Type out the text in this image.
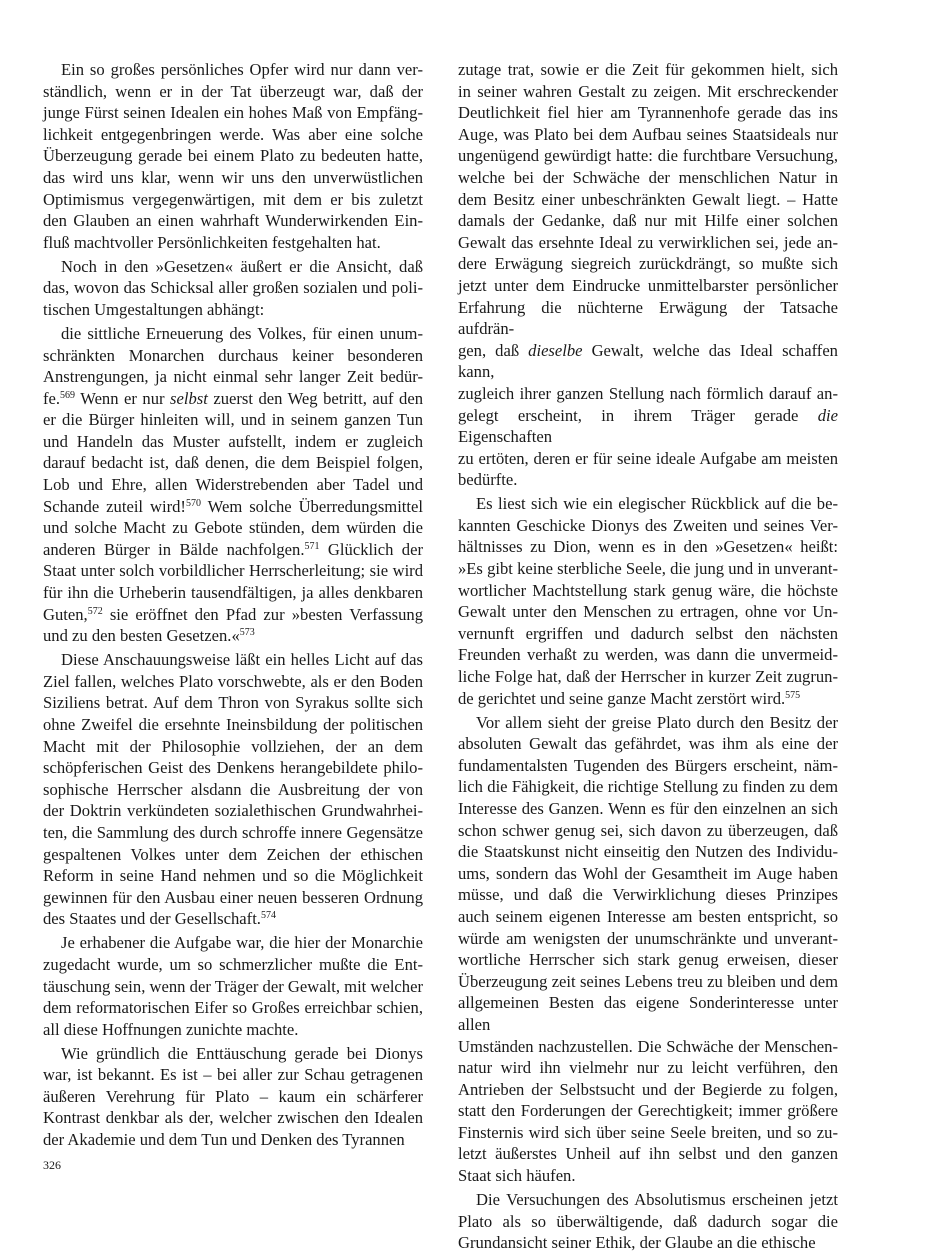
Ein so großes persönliches Opfer wird nur dann ver-
ständlich, wenn er in der Tat überzeugt war, daß der
junge Fürst seinen Idealen ein hohes Maß von Empfäng-
lichkeit entgegenbringen werde. Was aber eine solche
Überzeugung gerade bei einem Plato zu bedeuten hatte,
das wird uns klar, wenn wir uns den unverwüstlichen
Optimismus vergegenwärtigen, mit dem er bis zuletzt
den Glauben an einen wahrhaft Wunderwirkenden Ein-
fluß machtvoller Persönlichkeiten festgehalten hat.
Noch in den »Gesetzen« äußert er die Ansicht, daß
das, wovon das Schicksal aller großen sozialen und poli-
tischen Umgestaltungen abhängt:
die sittliche Erneuerung des Volkes, für einen unum-
schränkten Monarchen durchaus keiner besonderen
Anstrengungen, ja nicht einmal sehr langer Zeit bedür-
fe.$^{569}$ Wenn er nur selbst zuerst den Weg betritt, auf den
er die Bürger hinleiten will, und in seinem ganzen Tun
und Handeln das Muster aufstellt, indem er zugleich
darauf bedacht ist, daß denen, die dem Beispiel folgen,
Lob und Ehre, allen Widerstrebenden aber Tadel und
Schande zuteil wird!$^{570}$ Wem solche Überredungsmittel
und solche Macht zu Gebote stünden, dem würden die
anderen Bürger in Bälde nachfolgen.$^{571}$ Glücklich der
Staat unter solch vorbildlicher Herrscherleitung; sie wird
für ihn die Urheberin tausendfältigen, ja alles denkbaren
Guten,$^{572}$ sie eröffnet den Pfad zur »besten Verfassung
und zu den besten Gesetzen.«$^{573}$
Diese Anschauungsweise läßt ein helles Licht auf das
Ziel fallen, welches Plato vorschwebte, als er den Boden
Siziliens betrat. Auf dem Thron von Syrakus sollte sich
ohne Zweifel die ersehnte Ineinsbildung der politischen
Macht mit der Philosophie vollziehen, der an dem
schöpferischen Geist des Denkens herangebildete philo-
sophische Herrscher alsdann die Ausbreitung der von
der Doktrin verkündeten sozialethischen Grundwahrhei-
ten, die Sammlung des durch schroffe innere Gegensätze
gespaltenen Volkes unter dem Zeichen der ethischen
Reform in seine Hand nehmen und so die Möglichkeit
gewinnen für den Ausbau einer neuen besseren Ordnung
des Staates und der Gesellschaft.$^{574}$
Je erhabener die Aufgabe war, die hier der Monarchie
zugedacht wurde, um so schmerzlicher mußte die Ent-
täuschung sein, wenn der Träger der Gewalt, mit welcher
dem reformatorischen Eifer so Großes erreichbar schien,
all diese Hoffnungen zunichte machte.
Wie gründlich die Enttäuschung gerade bei Dionys
war, ist bekannt. Es ist – bei aller zur Schau getragenen
äußeren Verehrung für Plato – kaum ein schärferer
Kontrast denkbar als der, welcher zwischen den Idealen
der Akademie und dem Tun und Denken des Tyrannen
zutage trat, sowie er die Zeit für gekommen hielt, sich
in seiner wahren Gestalt zu zeigen. Mit erschreckender
Deutlichkeit fiel hier am Tyrannenhofe gerade das ins
Auge, was Plato bei dem Aufbau seines Staatsideals nur
ungenügend gewürdigt hatte: die furchtbare Versuchung,
welche bei der Schwäche der menschlichen Natur in
dem Besitz einer unbeschränkten Gewalt liegt. – Hatte
damals der Gedanke, daß nur mit Hilfe einer solchen
Gewalt das ersehnte Ideal zu verwirklichen sei, jede an-
dere Erwägung siegreich zurückdrängt, so mußte sich
jetzt unter dem Eindrucke unmittelbarster persönlicher
Erfahrung die nüchterne Erwägung der Tatsache aufdrän-
gen, daß dieselbe Gewalt, welche das Ideal schaffen kann,
zugleich ihrer ganzen Stellung nach förmlich darauf an-
gelegt erscheint, in ihrem Träger gerade die Eigenschaften
zu ertöten, deren er für seine ideale Aufgabe am meisten
bedürfte.
Es liest sich wie ein elegischer Rückblick auf die be-
kannten Geschicke Dionys des Zweiten und seines Ver-
hältnisses zu Dion, wenn es in den »Gesetzen« heißt:
»Es gibt keine sterbliche Seele, die jung und in unverant-
wortlicher Machtstellung stark genug wäre, die höchste
Gewalt unter den Menschen zu ertragen, ohne vor Un-
vernunft ergriffen und dadurch selbst den nächsten
Freunden verhaßt zu werden, was dann die unvermeid-
liche Folge hat, daß der Herrscher in kurzer Zeit zugrun-
de gerichtet und seine ganze Macht zerstört wird.$^{575}$
Vor allem sieht der greise Plato durch den Besitz der
absoluten Gewalt das gefährdet, was ihm als eine der
fundamentalsten Tugenden des Bürgers erscheint, näm-
lich die Fähigkeit, die richtige Stellung zu finden zu dem
Interesse des Ganzen. Wenn es für den einzelnen an sich
schon schwer genug sei, sich davon zu überzeugen, daß
die Staatskunst nicht einseitig den Nutzen des Individu-
ums, sondern das Wohl der Gesamtheit im Auge haben
müsse, und daß die Verwirklichung dieses Prinzipes
auch seinem eigenen Interesse am besten entspricht, so
würde am wenigsten der unumschränkte und unverant-
wortliche Herrscher sich stark genug erweisen, dieser
Überzeugung zeit seines Lebens treu zu bleiben und dem
allgemeinen Besten das eigene Sonderinteresse unter allen
Umständen nachzustellen. Die Schwäche der Menschen-
natur wird ihn vielmehr nur zu leicht verführen, den
Antrieben der Selbstsucht und der Begierde zu folgen,
statt den Forderungen der Gerechtigkeit; immer größere
Finsternis wird sich über seine Seele breiten, und so zu-
letzt äußerstes Unheil auf ihn selbst und den ganzen
Staat sich häufen.
Die Versuchungen des Absolutismus erscheinen jetzt
Plato als so überwältigende, daß dadurch sogar die
Grundansicht seiner Ethik, der Glaube an die ethische
326
